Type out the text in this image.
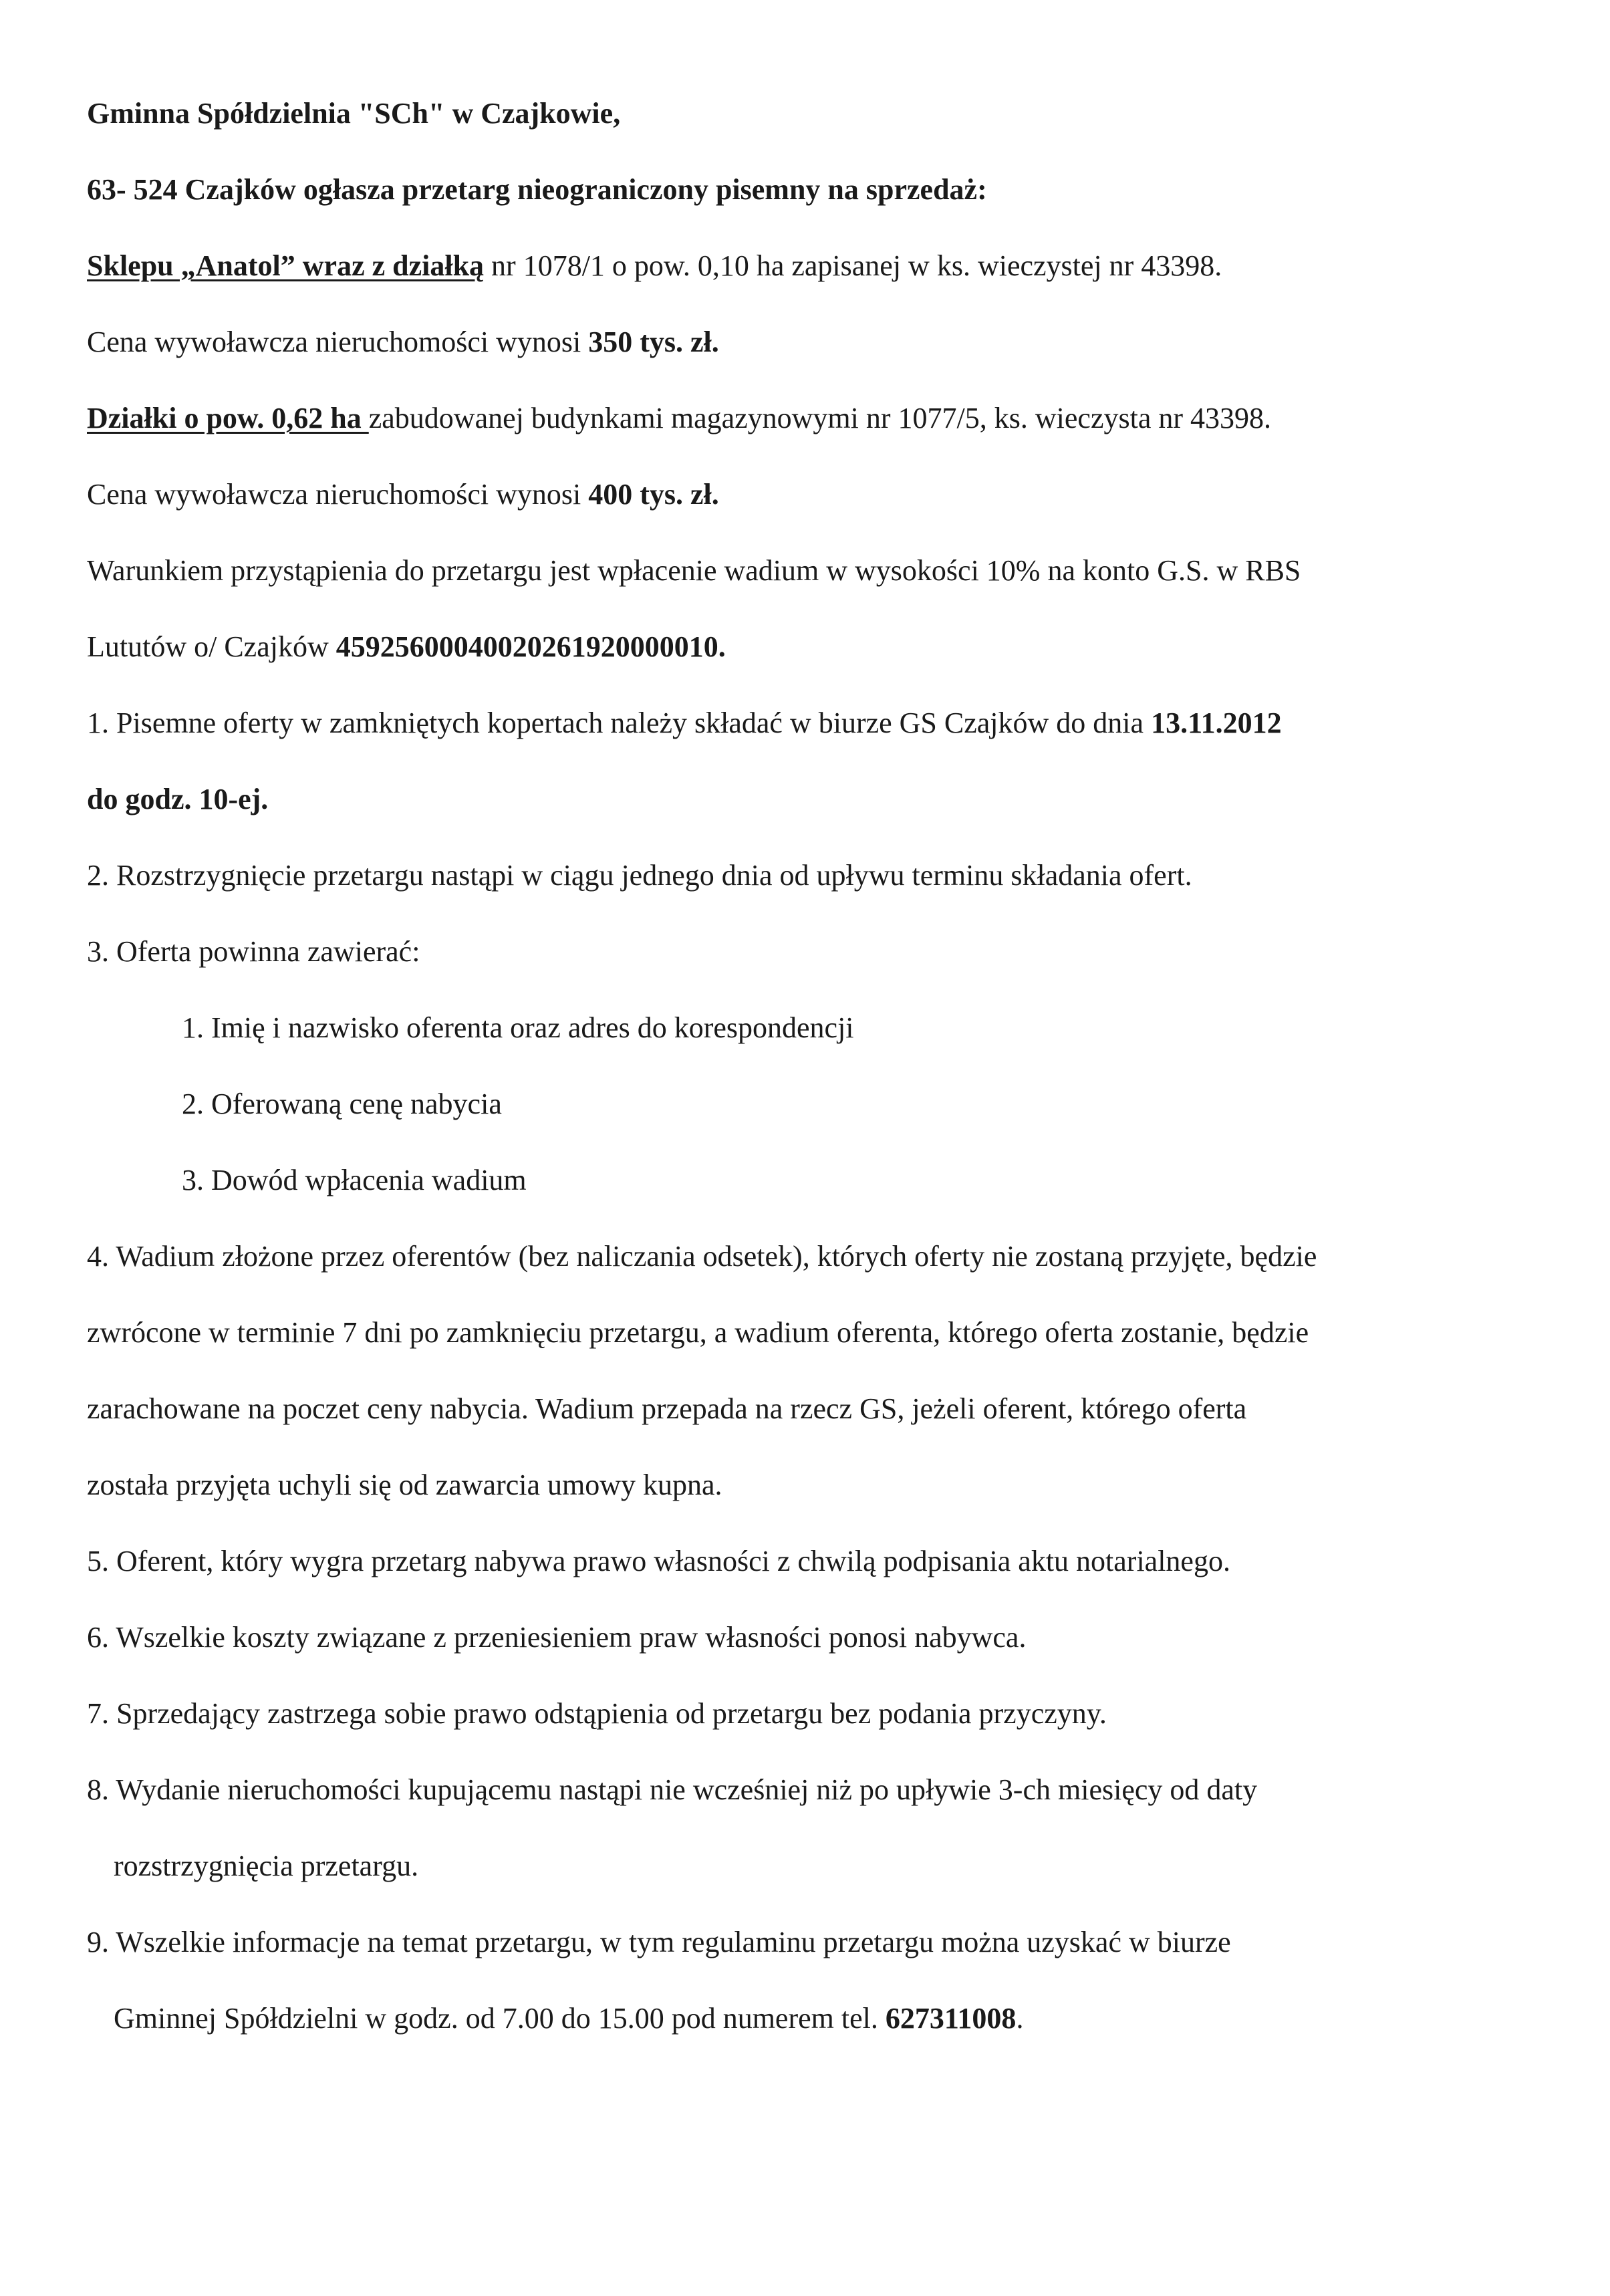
Gminna Spółdzielnia "SCh" w Czajkowie,
63- 524 Czajków ogłasza przetarg nieograniczony pisemny na sprzedaż:
Sklepu „Anatol” wraz z działką nr 1078/1 o pow. 0,10 ha zapisanej w ks. wieczystej nr 43398.
Cena wywoławcza nieruchomości wynosi 350 tys. zł.
Działki o pow. 0,62 ha zabudowanej budynkami magazynowymi nr 1077/5, ks. wieczysta nr 43398.
Cena wywoławcza nieruchomości wynosi 400 tys. zł.
Warunkiem przystąpienia do przetargu jest wpłacenie wadium w wysokości 10% na konto G.S. w RBS
Lututów o/ Czajków 45925600040020261920000010.
1. Pisemne oferty w zamkniętych kopertach należy składać w biurze GS Czajków do dnia 13.11.2012
do godz. 10-ej.
2. Rozstrzygnięcie przetargu nastąpi w ciągu jednego dnia od upływu terminu składania ofert.
3. Oferta powinna zawierać:
1. Imię i nazwisko oferenta oraz adres do korespondencji
2. Oferowaną cenę nabycia
3. Dowód wpłacenia wadium
4. Wadium złożone przez oferentów (bez naliczania odsetek), których oferty nie zostaną przyjęte, będzie
zwrócone w terminie 7 dni po zamknięciu przetargu, a wadium oferenta, którego oferta zostanie, będzie
zarachowane na poczet ceny nabycia. Wadium przepada na rzecz GS, jeżeli oferent, którego oferta
została przyjęta uchyli się od zawarcia umowy kupna.
5. Oferent, który wygra przetarg nabywa prawo własności z chwilą podpisania aktu notarialnego.
6. Wszelkie koszty związane z przeniesieniem praw własności ponosi nabywca.
7. Sprzedający zastrzega sobie prawo odstąpienia od przetargu bez podania przyczyny.
8. Wydanie nieruchomości kupującemu nastąpi nie wcześniej niż po upływie 3-ch miesięcy od daty
rozstrzygnięcia przetargu.
9. Wszelkie informacje na temat przetargu, w tym regulaminu przetargu można uzyskać w biurze
Gminnej Spółdzielni w godz. od 7.00 do 15.00 pod numerem tel. 627311008.
